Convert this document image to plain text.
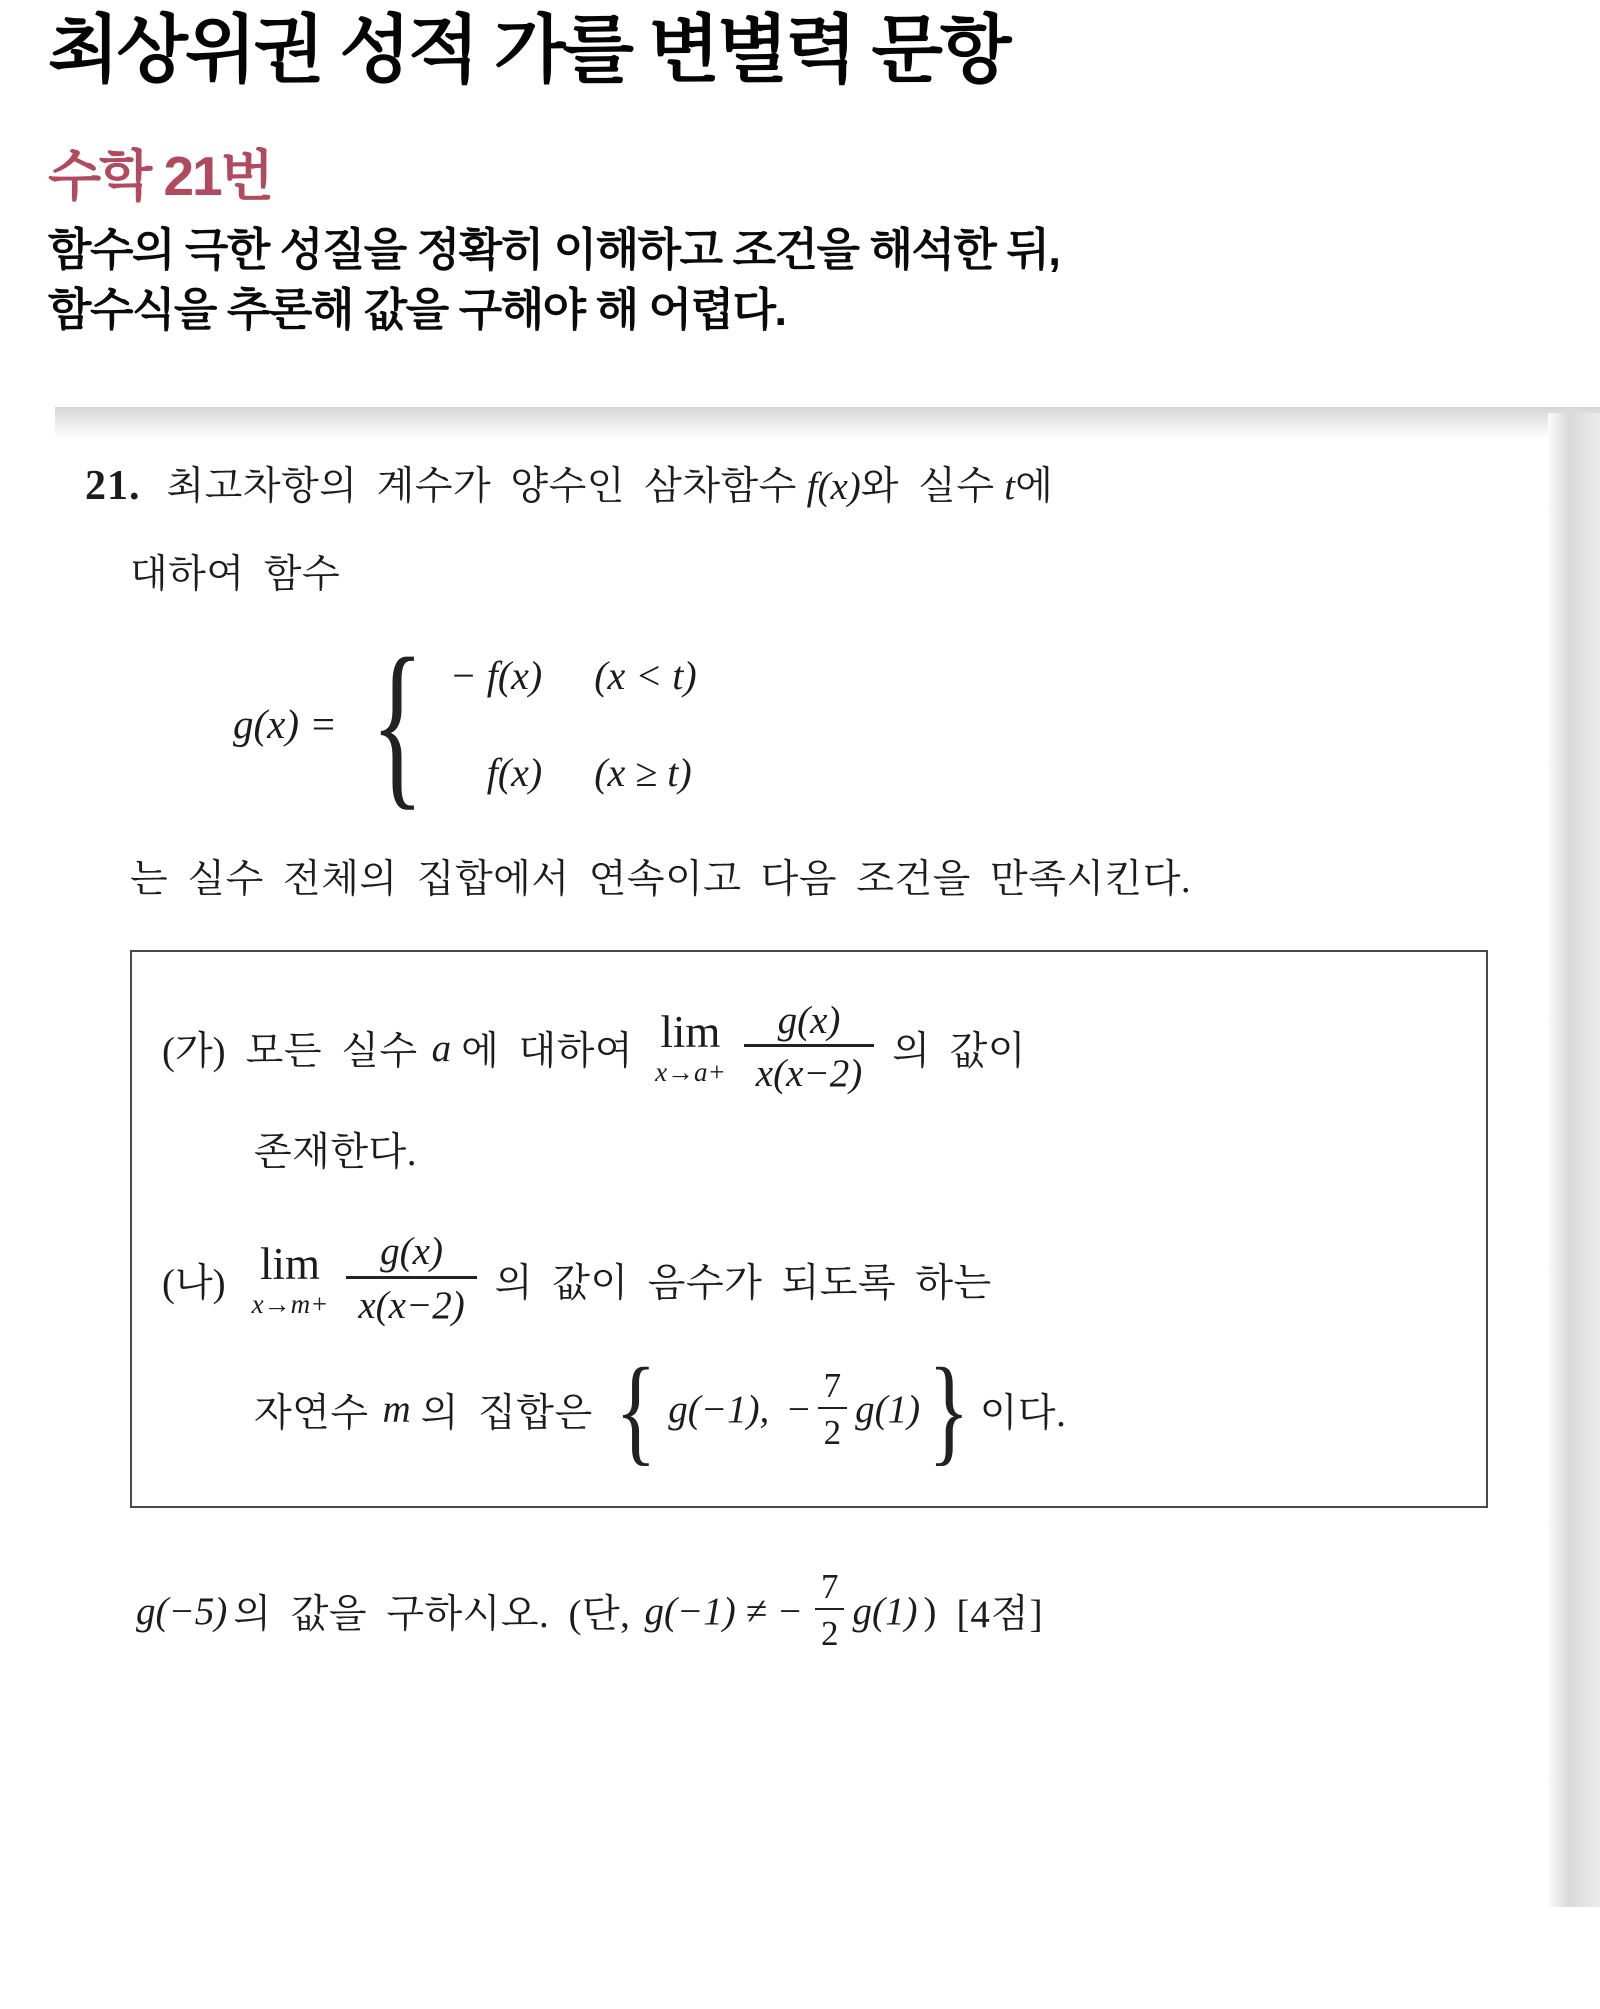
최상위권 성적 가를 변별력 문항
수학 21번

함수의 극한 성질을 정확히 이해하고 조건을 해석한 뒤,
함수식을 추론해 값을 구해야 해 어렵다.

21. 최고차항의 계수가 양수인 삼차함수 f(x)와 실수 t에
대하여 함수
g(x) = { − f(x) (x < t)
f(x) (x ≥ t)
는 실수 전체의 집합에서 연속이고 다음 조건을 만족시킨다.
(가) 모든 실수 a 에 대하여 lim
$x\to a+ \frac{g(x)}{x(x-2)}$ 의 값이
존재한다.
(나) lim
$x\to m+ \frac{g(x)}{x(x-2)}$ 의 값이 음수가 되도록 하는
자연수 m 의 집합은 { g(−1), − $\frac{7}{2} g(1)$ } 이다.
g(−5) 의 값을 구하시오. (단, g(−1) ≠ − $\frac{7}{2} g(1)$ ) [4점]
